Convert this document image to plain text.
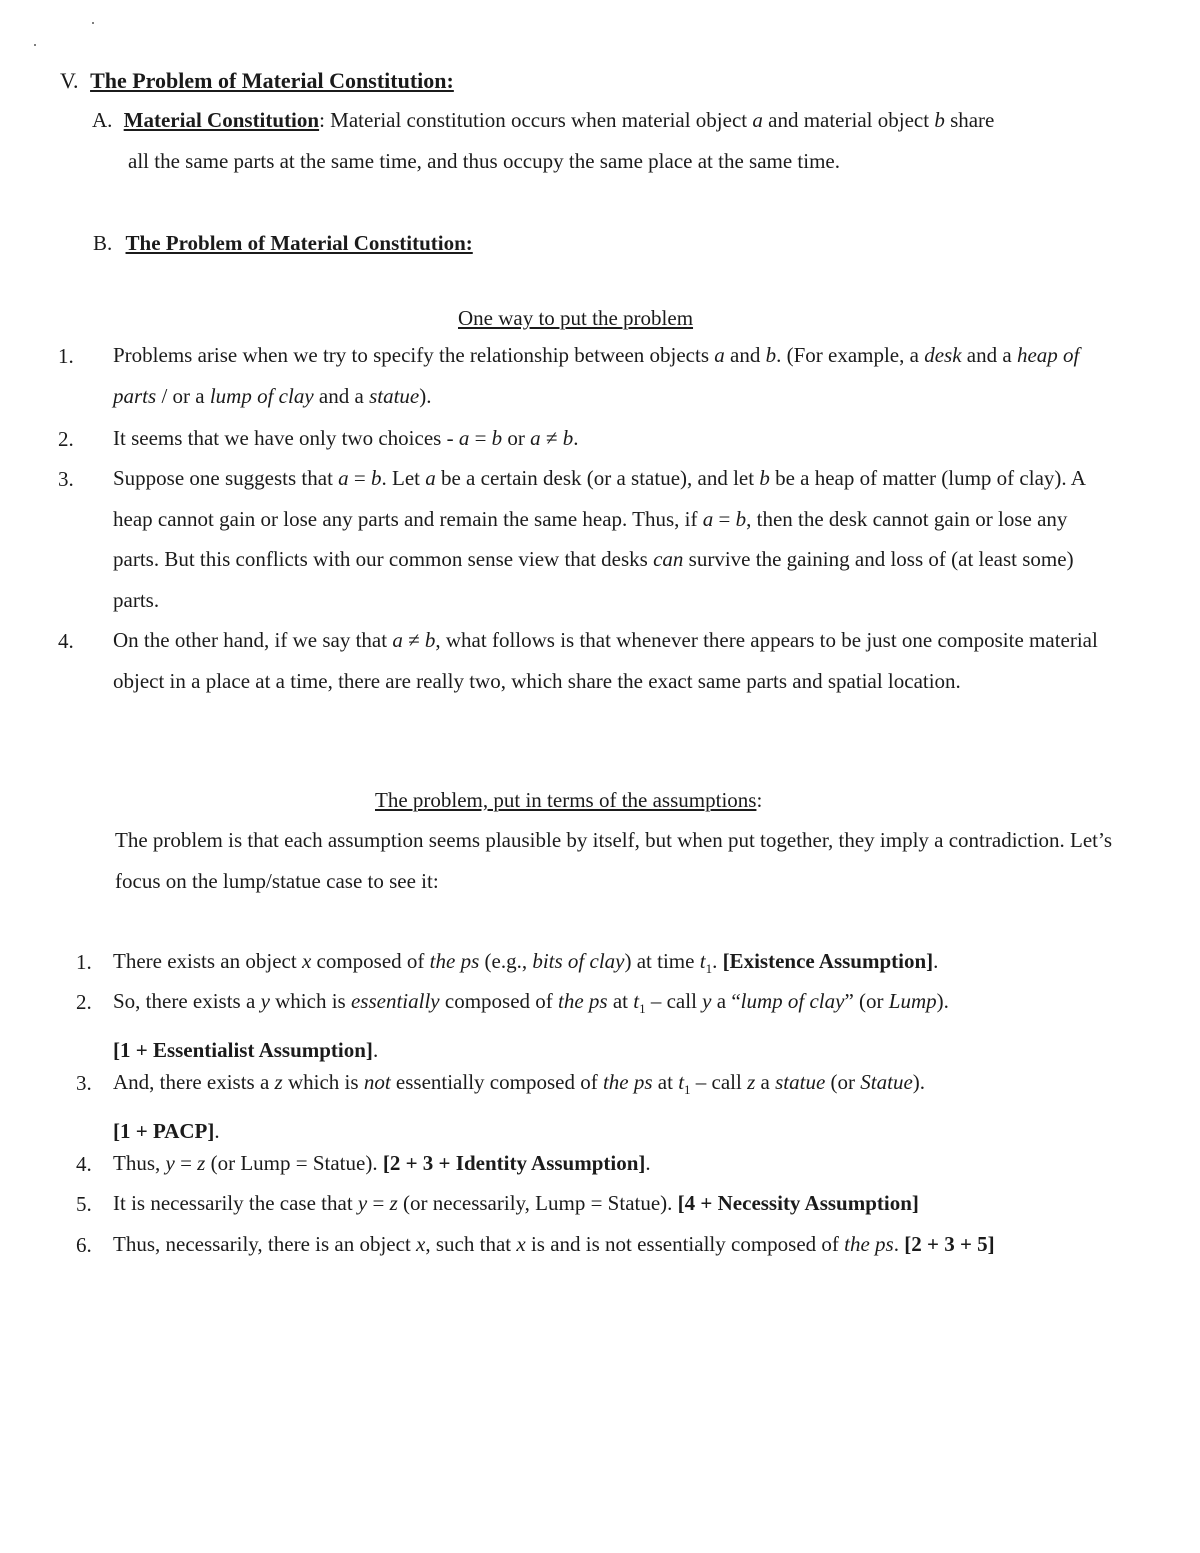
V. The Problem of Material Constitution:
A. Material Constitution: Material constitution occurs when material object a and material object b share
all the same parts at the same time, and thus occupy the same place at the same time.
B. The Problem of Material Constitution:
One way to put the problem
1. Problems arise when we try to specify the relationship between objects a and b. (For example, a desk and a heap of parts / or a lump of clay and a statue).

2. It seems that we have only two choices - a = b or a ≠ b.

3. Suppose one suggests that a = b. Let a be a certain desk (or a statue), and let b be a heap of matter (lump of clay). A heap cannot gain or lose any parts and remain the same heap. Thus, if a = b, then the desk cannot gain or lose any parts. But this conflicts with our common sense view that desks can survive the gaining and loss of (at least some) parts.

4. On the other hand, if we say that a ≠ b, what follows is that whenever there appears to be just one composite material object in a place at a time, there are really two, which share the exact same parts and spatial location.

The problem, put in terms of the assumptions:

The problem is that each assumption seems plausible by itself, but when put together, they imply a contradiction. Let’s focus on the lump/statue case to see it:

1. There exists an object x composed of the ps (e.g., bits of clay) at time $t_1$. [Existence Assumption].

2. So, there exists a y which is essentially composed of the ps at $t_1$ – call y a “lump of clay” (or Lump).
[1 + Essentialist Assumption].

3. And, there exists a z which is not essentially composed of the ps at $t_1$ – call z a statue (or Statue).
[1 + PACP].

4. Thus, y = z (or Lump = Statue). [2 + 3 + Identity Assumption].

5. It is necessarily the case that y = z (or necessarily, Lump = Statue). [4 + Necessity Assumption]

6. Thus, necessarily, there is an object x, such that x is and is not essentially composed of the ps. [2 + 3 + 5]
